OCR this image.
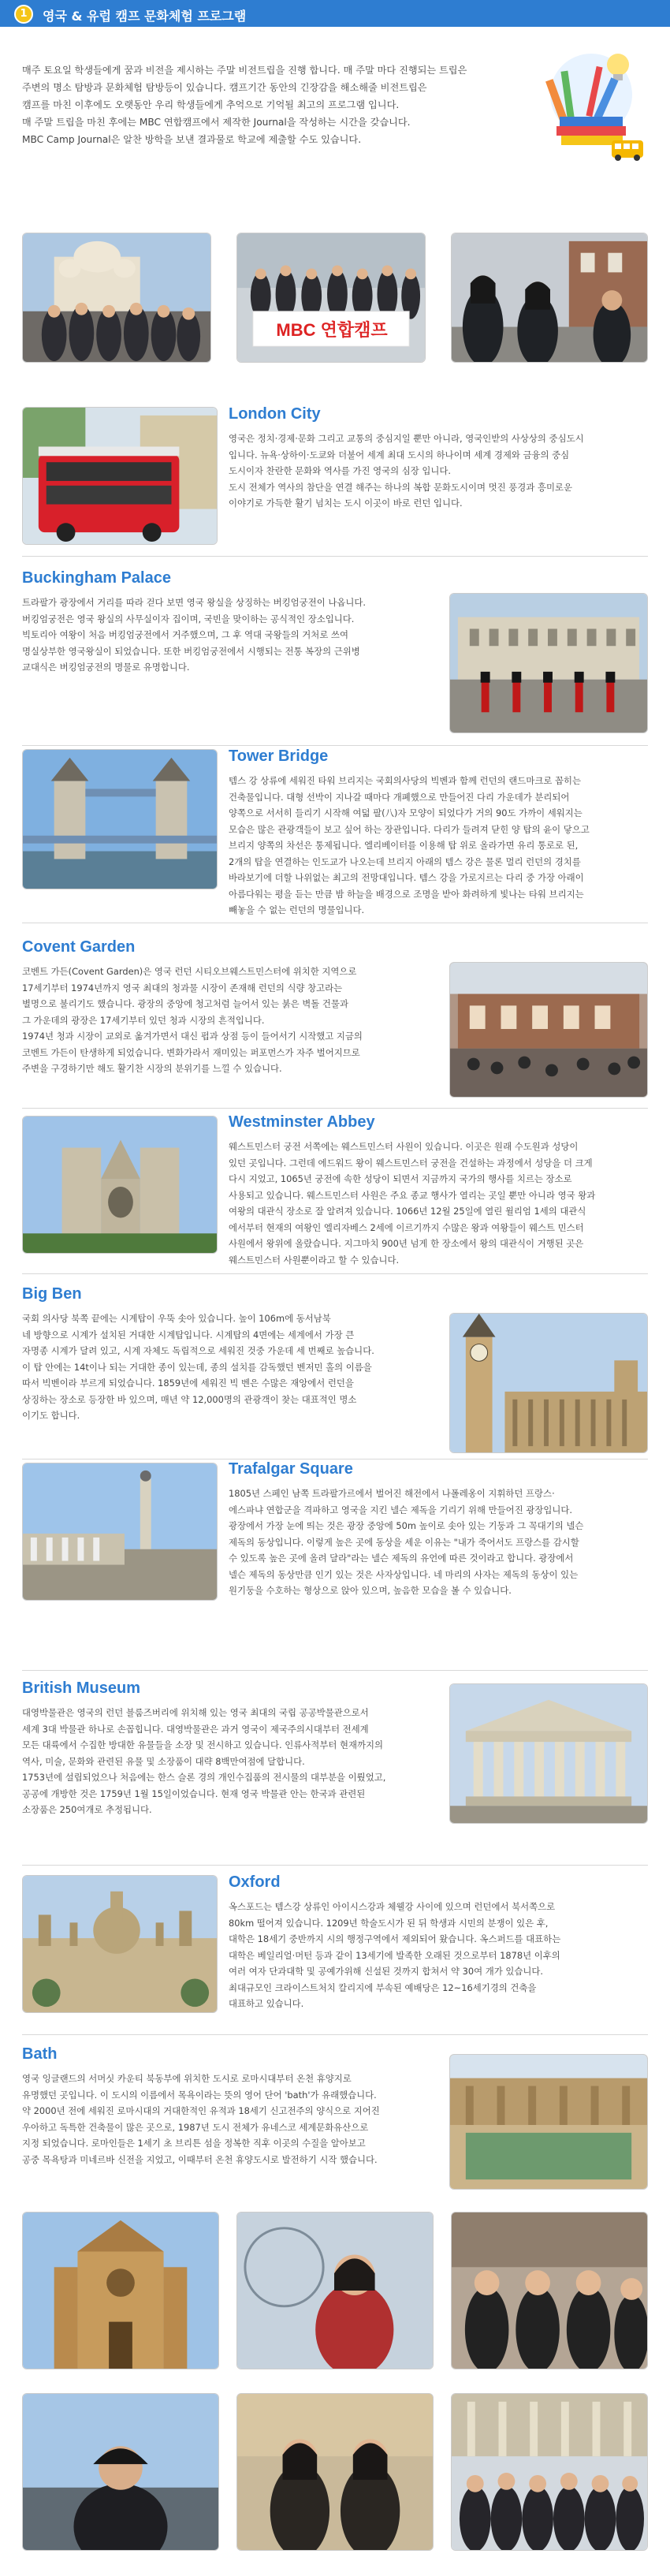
1	영국 & 유럽 캠프 문화체험 프로그램

매주 토요일 학생들에게 꿈과 비전을 제시하는 주말 비전트립을 진행 합니다. 매 주말 마다 진행되는 트립은

주변의 명소 탐방과 문화체험 탐방등이 있습니다. 캠프기간 동안의 긴장감을 해소해줄 비전트립은

캠프를 마친 이후에도 오랫동안 우리 학생들에게 추억으로 기억될 최고의 프로그램 입니다.

매 주말 트립을 마친 후에는 MBC 연합캠프에서 제작한 Journal을 작성하는 시간을 갖습니다.

MBC Camp Journal은 알찬 방학을 보낸 결과물로 학교에 제출할 수도 있습니다.

MBC 연합캠프
London City

영국은 정치·경제·문화 그리고 교통의 중심지일 뿐만 아니라, 영국인받의 사상상의 중심도시

입니다. 뉴욕·상하이·도쿄와 더불어 세계 최대 도시의 하나이며 세계 경제와 금융의 중심

도시이자 찬란한 문화와 역사를 가진 영국의 심장 입니다.

도시 전체가 역사의 참단을 연결 해주는 하나의 복합 문화도시이며 멋진 풍경과 흥미로운

이야기로 가득한 활기 넘치는 도시 이곳이 바로 런던 입니다.

Buckingham Palace

트라팔가 광장에서 거리를 따라 걷다 보면 영국 왕실을 상징하는 버킹엄궁전이 나옵니다.

버킹엄궁전은 영국 왕실의 사무실이자 집이며, 국빈을 맞이하는 공식적인 장소입니다.

빅토리아 여왕이 처음 버킹엄궁전에서 거주했으며, 그 후 역대 국왕들의 거처로 쓰여

명실상부한 영국왕실이 되었습니다. 또한 버킹엄궁전에서 시행되는 전통 복장의 근위병

교대식은 버킹엄궁전의 명물로 유명합니다.

Tower Bridge

템스 강 상류에 세워진 타워 브리지는 국회의사당의 빅벤과 함께 런던의 랜드마크로 꼽히는

건축물입니다. 대형 선박이 지나갈 때마다 개폐했으로 만들어진 다리 가운데가 분리되어

양쪽으로 서서히 들리기 시작해 여덟 팔(八)자 모양이 되었다가 거의 90도 가까이 세워지는

모습은 많은 관광객들이 보고 싶어 하는 장관입니다. 다리가 들려져 닫힌 양 탑의 윤이 닿으고

브리지 양쪽의 차선은 통제됩니다. 엘리베이터를 이용해 탑 위로 올라가면 유리 통로로 된,

2개의 탑을 연결하는 인도교가 나오는데 브리지 아래의 템스 강은 물론 멀리 런던의 경치를

바라보기에 더할 나위없는 최고의 전망대입니다. 템스 강을 가로지르는 다리 중 가장 아래이

아름다워는 평을 듣는 만큼 밤 하늘을 배경으로 조명을 받아 화려하게 빛나는 타워 브리지는

빼놓을 수 없는 런던의 명물입니다.

Covent Garden

코벤트 가든(Covent Garden)은 영국 런던 시티오브웨스트민스터에 위치한 지역으로

17세기부터 1974년까지 영국 최대의 청과물 시장이 존재해 런던의 식량 창고라는

별명으로 불리기도 했습니다. 광장의 중앙에 청고처럼 늘어서 있는 붉은 벽돌 건물과

그 가운데의 광장은 17세기부터 있던 청과 시장의 흔적입니다.

1974년 청과 시장이 교외로 옮겨가면서 대신 펍과 상점 등이 들어서기 시작했고 지금의

코벤트 가든이 탄생하게 되었습니다. 변화가라서 재미있는 퍼포먼스가 자주 벌어지므로

주변을 구경하기만 해도 활기찬 시장의 분위기를 느낄 수 있습니다.

Westminster Abbey

웨스트민스터 궁전 서쪽에는 웨스트민스터 사원이 있습니다. 이곳은 원래 수도원과 성당이

있던 곳입니다. 그런데 에드워드 왕이 웨스트민스터 궁전을 건설하는 과정에서 성당을 더 크게

다시 지었고, 1065년 궁전에 속한 성당이 되면서 지금까지 국가의 행사를 치르는 장소로

사용되고 있습니다. 웨스트민스터 사원은 주요 종교 행사가 열리는 곳일 뿐만 아니라 영국 왕과

여왕의 대관식 장소로 잘 알려져 있습니다. 1066년 12월 25일에 열린 윌리엄 1세의 대관식

에서부터 현재의 여왕인 엘리자베스 2세에 이르기까지 수많은 왕과 여왕들이 웨스트 민스터

사원에서 왕위에 올랐습니다. 지그마치 900년 넘게 한 장소에서 왕의 대관식이 거행된 곳은

웨스트민스터 사원뿐이라고 할 수 있습니다.

Big Ben

국회 의사당 북쪽 끝에는 시계탑이 우뚝 솟아 있습니다. 높이 106m에 동서남북

네 방향으로 시계가 설치된 거대한 시계탑입니다. 시계탑의 4면에는 세계에서 가장 큰

자명종 시계가 달려 있고, 시계 자체도 독립적으로 세워진 것중 가운데 세 번째로 높습니다.

이 탑 안에는 14t이나 되는 거대한 종이 있는데, 종의 설치를 감독했던 벤저민 홀의 이름을

따서 빅벤이라 부르게 되었습니다. 1859년에 세워진 빅 벤은 수많은 재앙에서 런던을

상징하는 장소로 등장한 바 있으며, 매년 약 12,000명의 관광객이 찾는 대표적인 명소

이기도 합니다.

Trafalgar Square

1805년 스페인 남쪽 트라팔가르에서 벌어진 해전에서 나폴레옹이 지휘하던 프랑스·

에스파냐 연합군을 격파하고 영국을 지킨 넬슨 제독을 기리기 위해 만들어진 광장입니다.

광장에서 가장 눈에 띄는 것은 광장 중앙에 50m 높이로 솟아 있는 기둥과 그 꼭대기의 넬슨

제독의 동상입니다. 이렇게 높은 곳에 동상을 세운 이유는 "내가 죽어서도 프랑스를 감시할

수 있도록 높은 곳에 올려 달라"라는 넬슨 제독의 유언에 따른 것이라고 합니다. 광장에서

넬슨 제독의 동상만큼 인기 있는 것은 사자상입니다. 네 마리의 사자는 제독의 동상이 있는

원기둥을 수호하는 형상으로 앉아 있으며, 높음한 모습을 볼 수 있습니다.

British Museum

대영박물관은 영국의 런던 블룸즈버리에 위치해 있는 영국 최대의 국립 공공박물관으로서

세계 3대 박물관 하나로 손꼽힙니다. 대영박물관은 과거 영국이 제국주의시대부터 전세계

모든 대륙에서 수집한 방대한 유물들을 소장 및 전시하고 있습니다. 인류사적부터 현재까지의

역사, 미술, 문화와 관련된 유물 및 소장품이 대략 8백만여점에 달합니다.

1753년에 설립되었으나 처음에는 한스 슬론 경의 개인수집품의 전시물의 대부분을 이뤘었고,

공공에 개방한 것은 1759년 1월 15일이었습니다. 현재 영국 박물관 안는 한국과 관련된

소장품은 250여개로 추정됩니다.

Oxford

옥스포드는 템스강 상류인 아이시스강과 체웰강 사이에 있으며 런던에서 북서쪽으로

80km 떨어져 있습니다. 1209년 학술도시가 된 뒤 학생과 시민의 분쟁이 있은 후,

대학은 18세기 중반까지 시의 행정구역에서 제외되어 왔습니다. 옥스퍼드를 대표하는

대학은 베일리얼·머턴 등과 같이 13세기에 발족한 오래된 것으로부터 1878년 이후의

여러 여자 단과대학 및 공예가위해 신설된 것까지 합쳐서 약 30여 개가 있습니다.

최대규모인 크라이스트처치 칼리지에 부속된 예배당은 12~16세기경의 건축을

대표하고 있습니다.

Bath

영국 잉글랜드의 서머싯 카운티 북동부에 위치한 도시로 로마시대부터 온천 휴양지로

유명했던 곳입니다. 이 도시의 이름에서 목욕이라는 뜻의 영어 단어 'bath'가 유래했습니다.

약 2000년 전에 세워진 로마시대의 거대한적인 유적과 18세기 신고전주의 양식으로 지어진

우아하고 독특한 건축물이 많은 곳으로, 1987년 도시 전체가 유네스코 세계문화유산으로

지정 되었습니다. 로마인들은 1세기 초 브리튼 섬을 정복한 직후 이곳의 수질을 알아보고

공중 목욕탕과 미네르바 신전을 지었고, 이때부터 온천 휴양도시로 발전하기 시작 했습니다.
